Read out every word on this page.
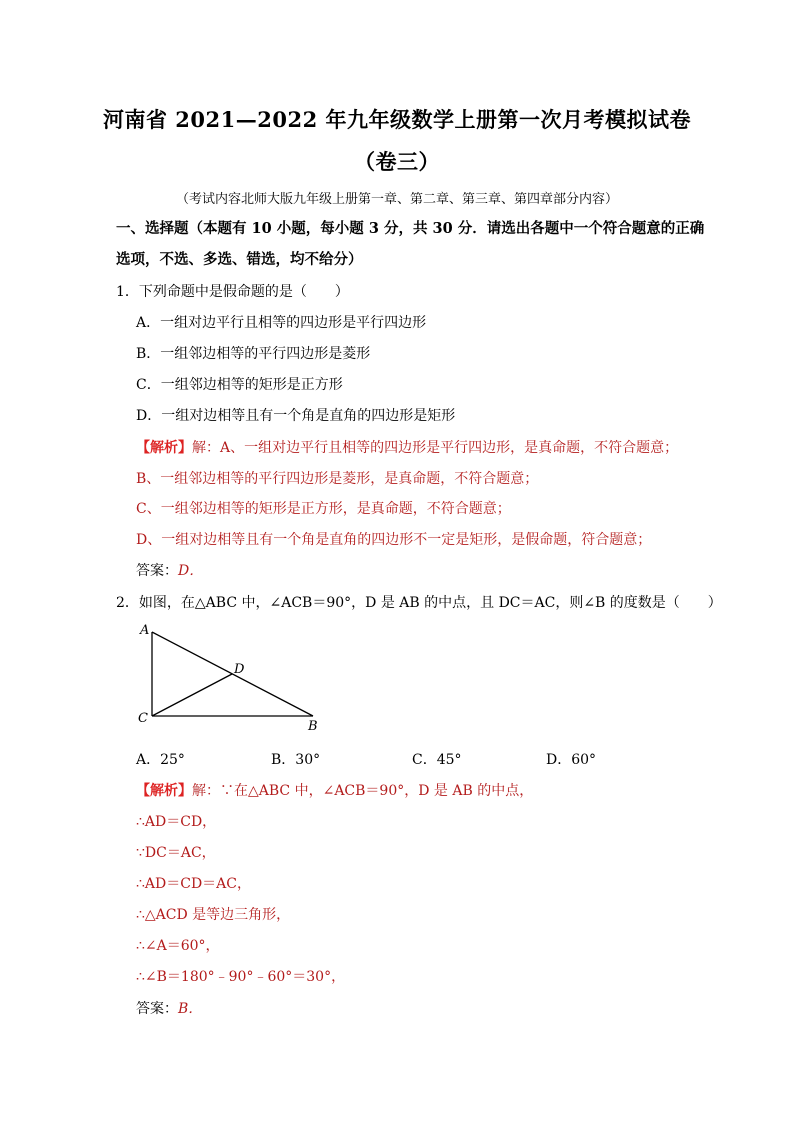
河南省 2021—2022 年九年级数学上册第一次月考模拟试卷
（卷三）
（考试内容北师大版九年级上册第一章、第二章、第三章、第四章部分内容）
一、选择题（本题有 10 小题，每小题 3 分，共 30 分．请选出各题中一个符合题意的正确
选项，不选、多选、错选，均不给分）
1．下列命题中是假命题的是（　　）
A．一组对边平行且相等的四边形是平行四边形
B．一组邻边相等的平行四边形是菱形
C．一组邻边相等的矩形是正方形
D．一组对边相等且有一个角是直角的四边形是矩形
【解析】解：A、一组对边平行且相等的四边形是平行四边形，是真命题，不符合题意；
B、一组邻边相等的平行四边形是菱形，是真命题，不符合题意；
C、一组邻边相等的矩形是正方形，是真命题，不符合题意；
D、一组对边相等且有一个角是直角的四边形不一定是矩形，是假命题，符合题意；
答案：D．
2．如图，在△ABC 中，∠ACB＝90°，D 是 AB 的中点，且 DC＝AC，则∠B 的度数是（　　）
A
D
C
B
A．25°	B．30°	C．45°	D．60°
【解析】解：∵在△ABC 中，∠ACB＝90°，D 是 AB 的中点，
∴AD＝CD，
∵DC＝AC，
∴AD＝CD＝AC，
∴△ACD 是等边三角形，
∴∠A＝60°，
∴∠B＝180°﹣90°﹣60°＝30°，
答案：B．
